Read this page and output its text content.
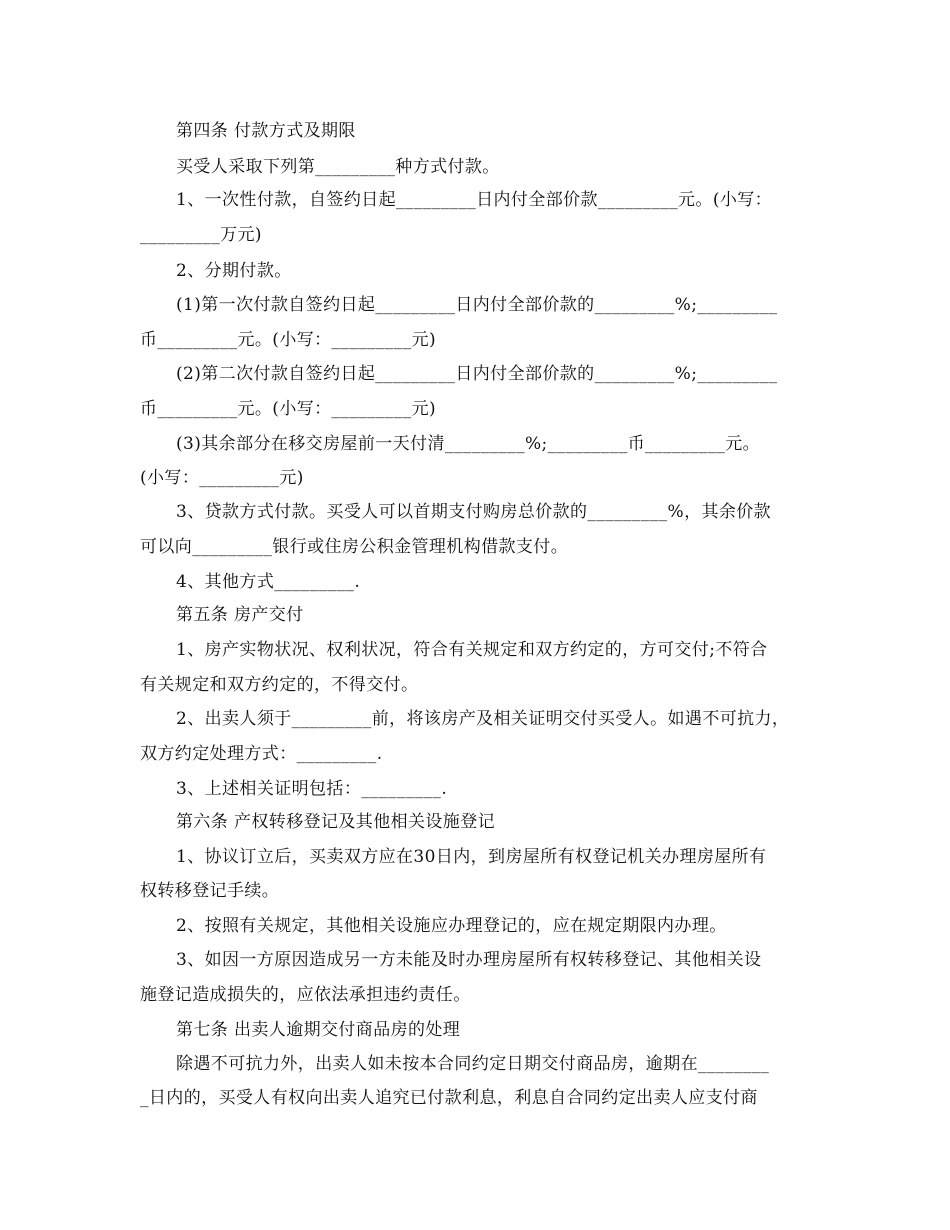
第四条 付款方式及期限
买受人采取下列第_________种方式付款。
1、一次性付款，自签约日起_________日内付全部价款_________元。(小写：
_________万元)
2、分期付款。
(1)第一次付款自签约日起_________日内付全部价款的_________%;_________
币_________元。(小写：_________元)
(2)第二次付款自签约日起_________日内付全部价款的_________%;_________
币_________元。(小写：_________元)
(3)其余部分在移交房屋前一天付清_________%;_________币_________元。
(小写：_________元)
3、贷款方式付款。买受人可以首期支付购房总价款的_________%，其余价款
可以向_________银行或住房公积金管理机构借款支付。
4、其他方式_________.
第五条 房产交付
1、房产实物状况、权利状况，符合有关规定和双方约定的，方可交付;不符合
有关规定和双方约定的，不得交付。
2、出卖人须于_________前，将该房产及相关证明交付买受人。如遇不可抗力，
双方约定处理方式：_________.
3、上述相关证明包括：_________.
第六条 产权转移登记及其他相关设施登记
1、协议订立后，买卖双方应在30日内，到房屋所有权登记机关办理房屋所有
权转移登记手续。
2、按照有关规定，其他相关设施应办理登记的，应在规定期限内办理。
3、如因一方原因造成另一方未能及时办理房屋所有权转移登记、其他相关设
施登记造成损失的，应依法承担违约责任。
第七条 出卖人逾期交付商品房的处理
除遇不可抗力外，出卖人如未按本合同约定日期交付商品房，逾期在________
_日内的，买受人有权向出卖人追究已付款利息，利息自合同约定出卖人应支付商
